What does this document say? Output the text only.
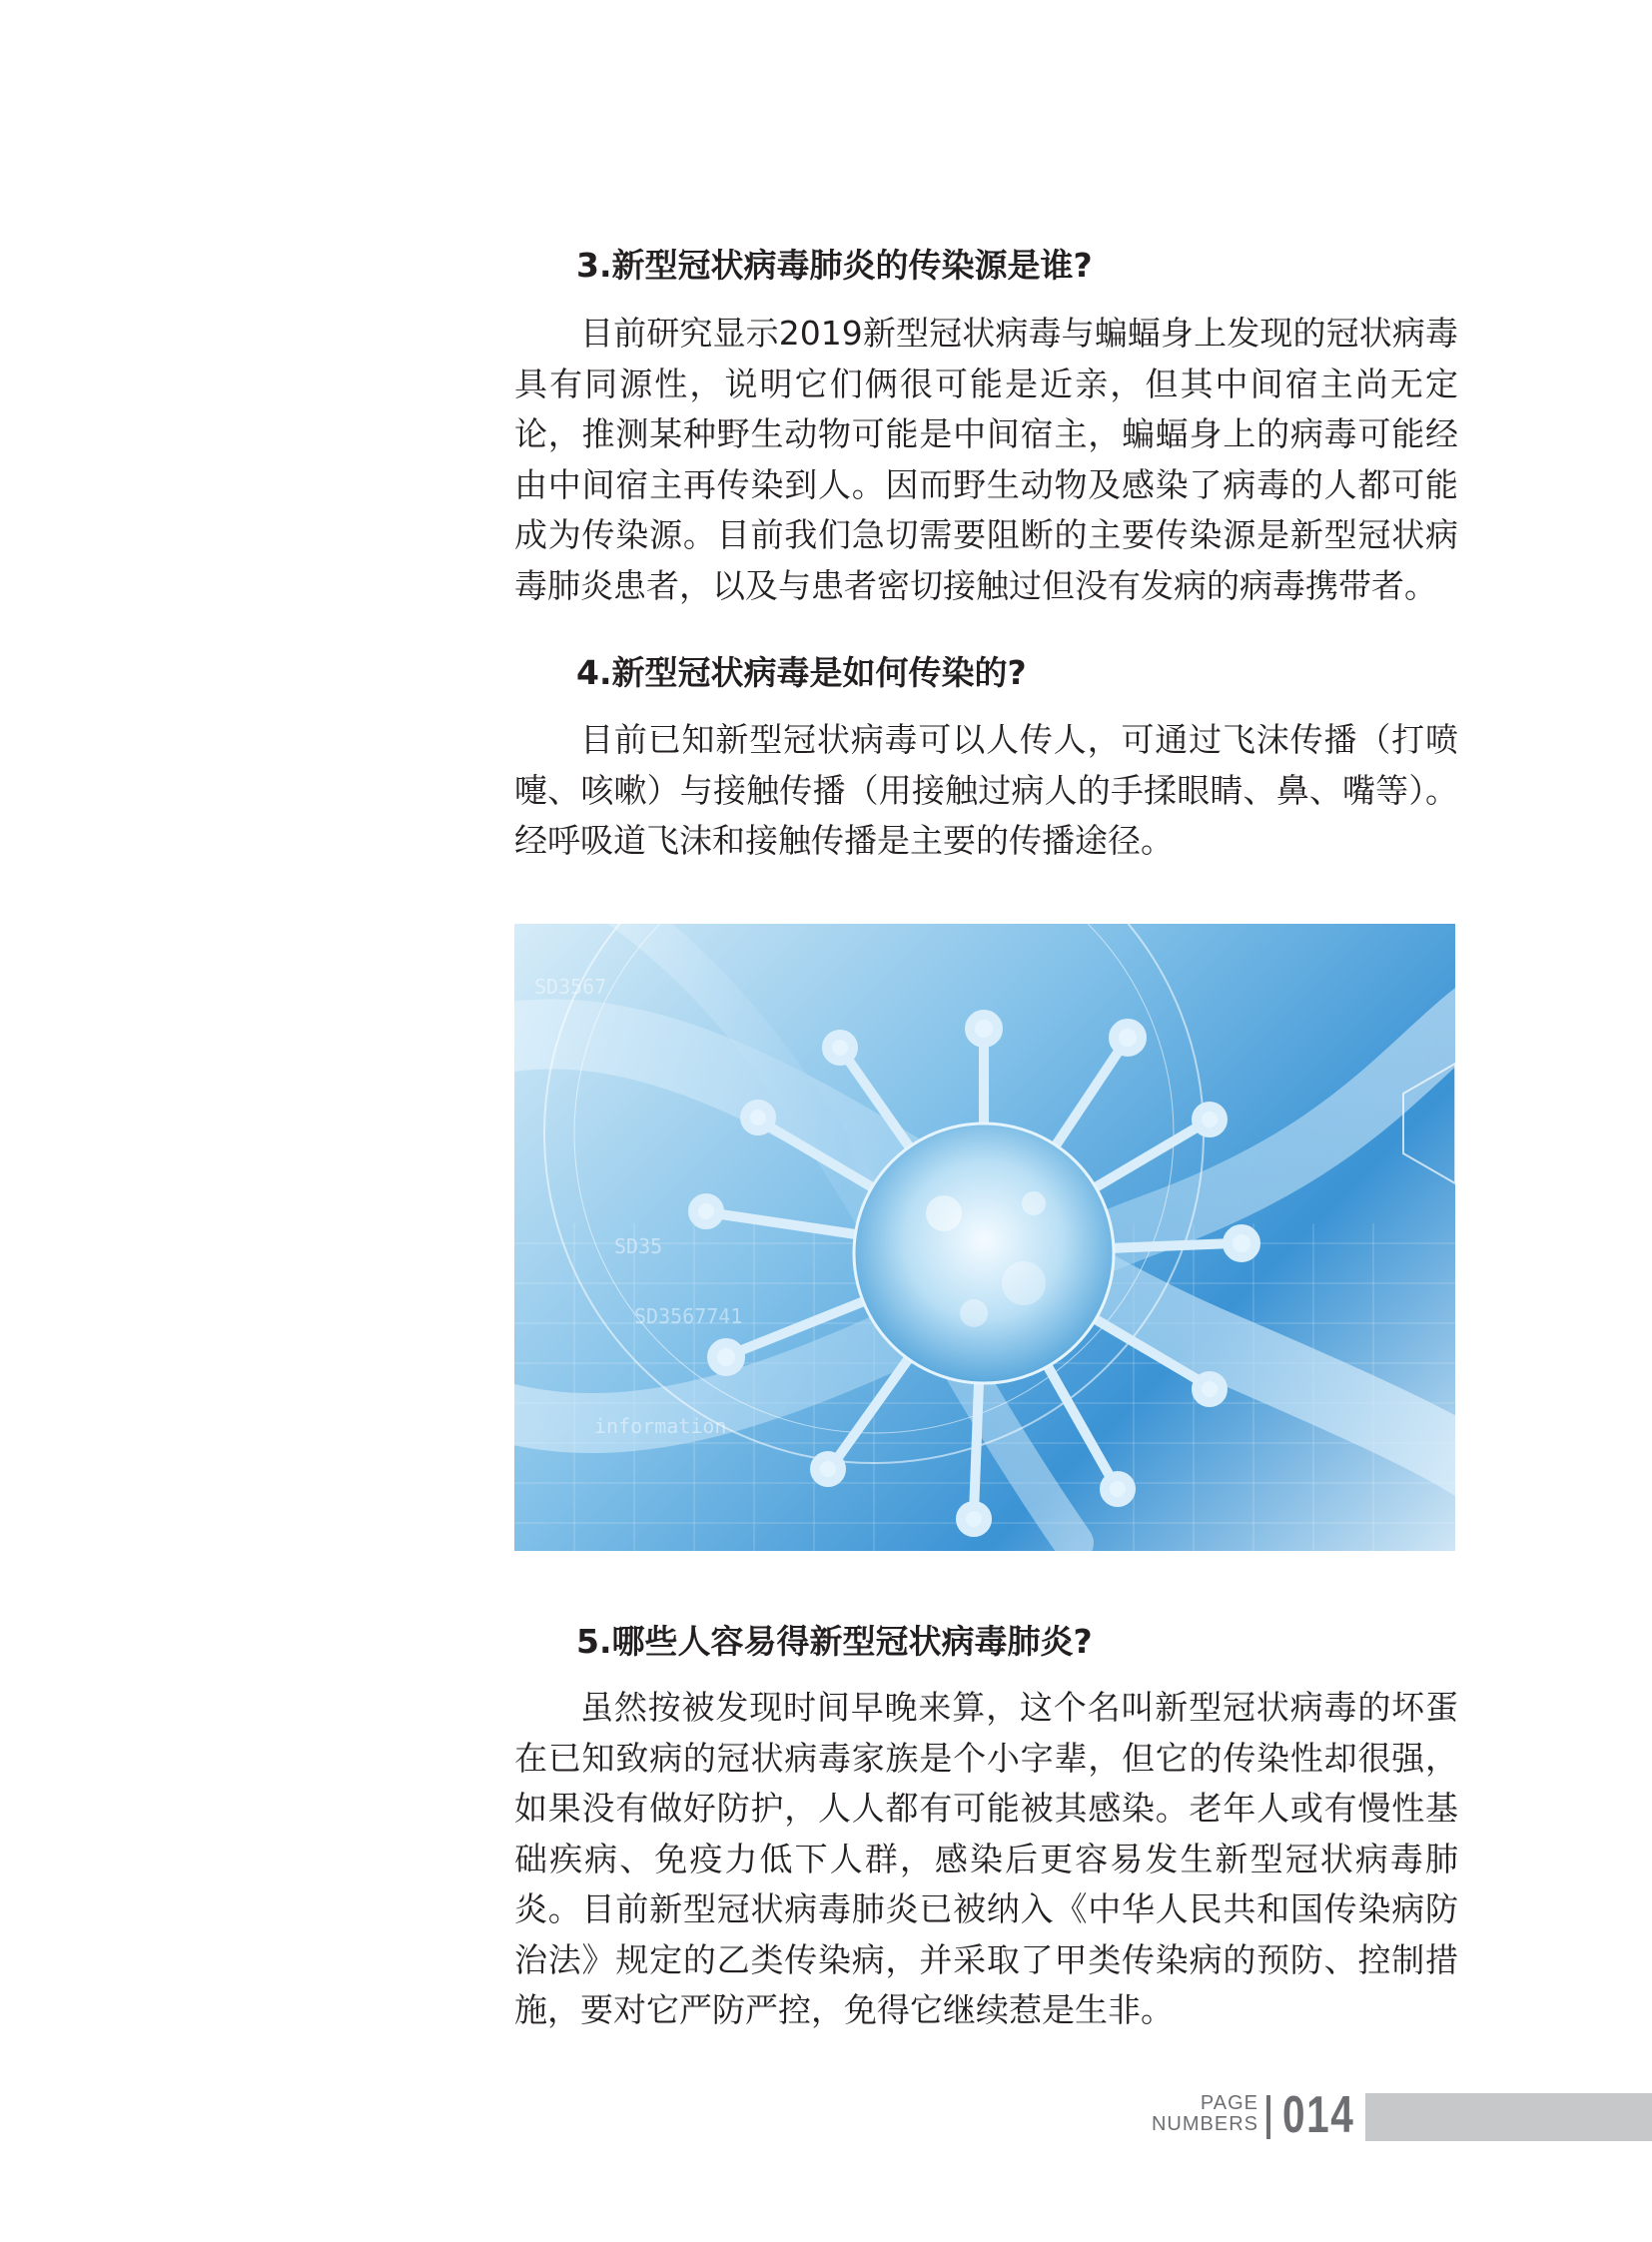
3.新型冠状病毒肺炎的传染源是谁?
目前研究显示2019新型冠状病毒与蝙蝠身上发现的冠状病毒具有同源性，说明它们俩很可能是近亲，但其中间宿主尚无定论，推测某种野生动物可能是中间宿主，蝙蝠身上的病毒可能经由中间宿主再传染到人。因而野生动物及感染了病毒的人都可能成为传染源。目前我们急切需要阻断的主要传染源是新型冠状病毒肺炎患者，以及与患者密切接触过但没有发病的病毒携带者。
4.新型冠状病毒是如何传染的?
目前已知新型冠状病毒可以人传人，可通过飞沫传播（打喷嚏、咳嗽）与接触传播（用接触过病人的手揉眼睛、鼻、嘴等）。经呼吸道飞沫和接触传播是主要的传播途径。
SD3567
SD35
SD3567741
information
5.哪些人容易得新型冠状病毒肺炎?
虽然按被发现时间早晚来算，这个名叫新型冠状病毒的坏蛋在已知致病的冠状病毒家族是个小字辈，但它的传染性却很强，如果没有做好防护，人人都有可能被其感染。老年人或有慢性基础疾病、免疫力低下人群，感染后更容易发生新型冠状病毒肺炎。目前新型冠状病毒肺炎已被纳入《中华人民共和国传染病防治法》规定的乙类传染病，并采取了甲类传染病的预防、控制措施，要对它严防严控，免得它继续惹是生非。
PAGE
NUMBERS 014
